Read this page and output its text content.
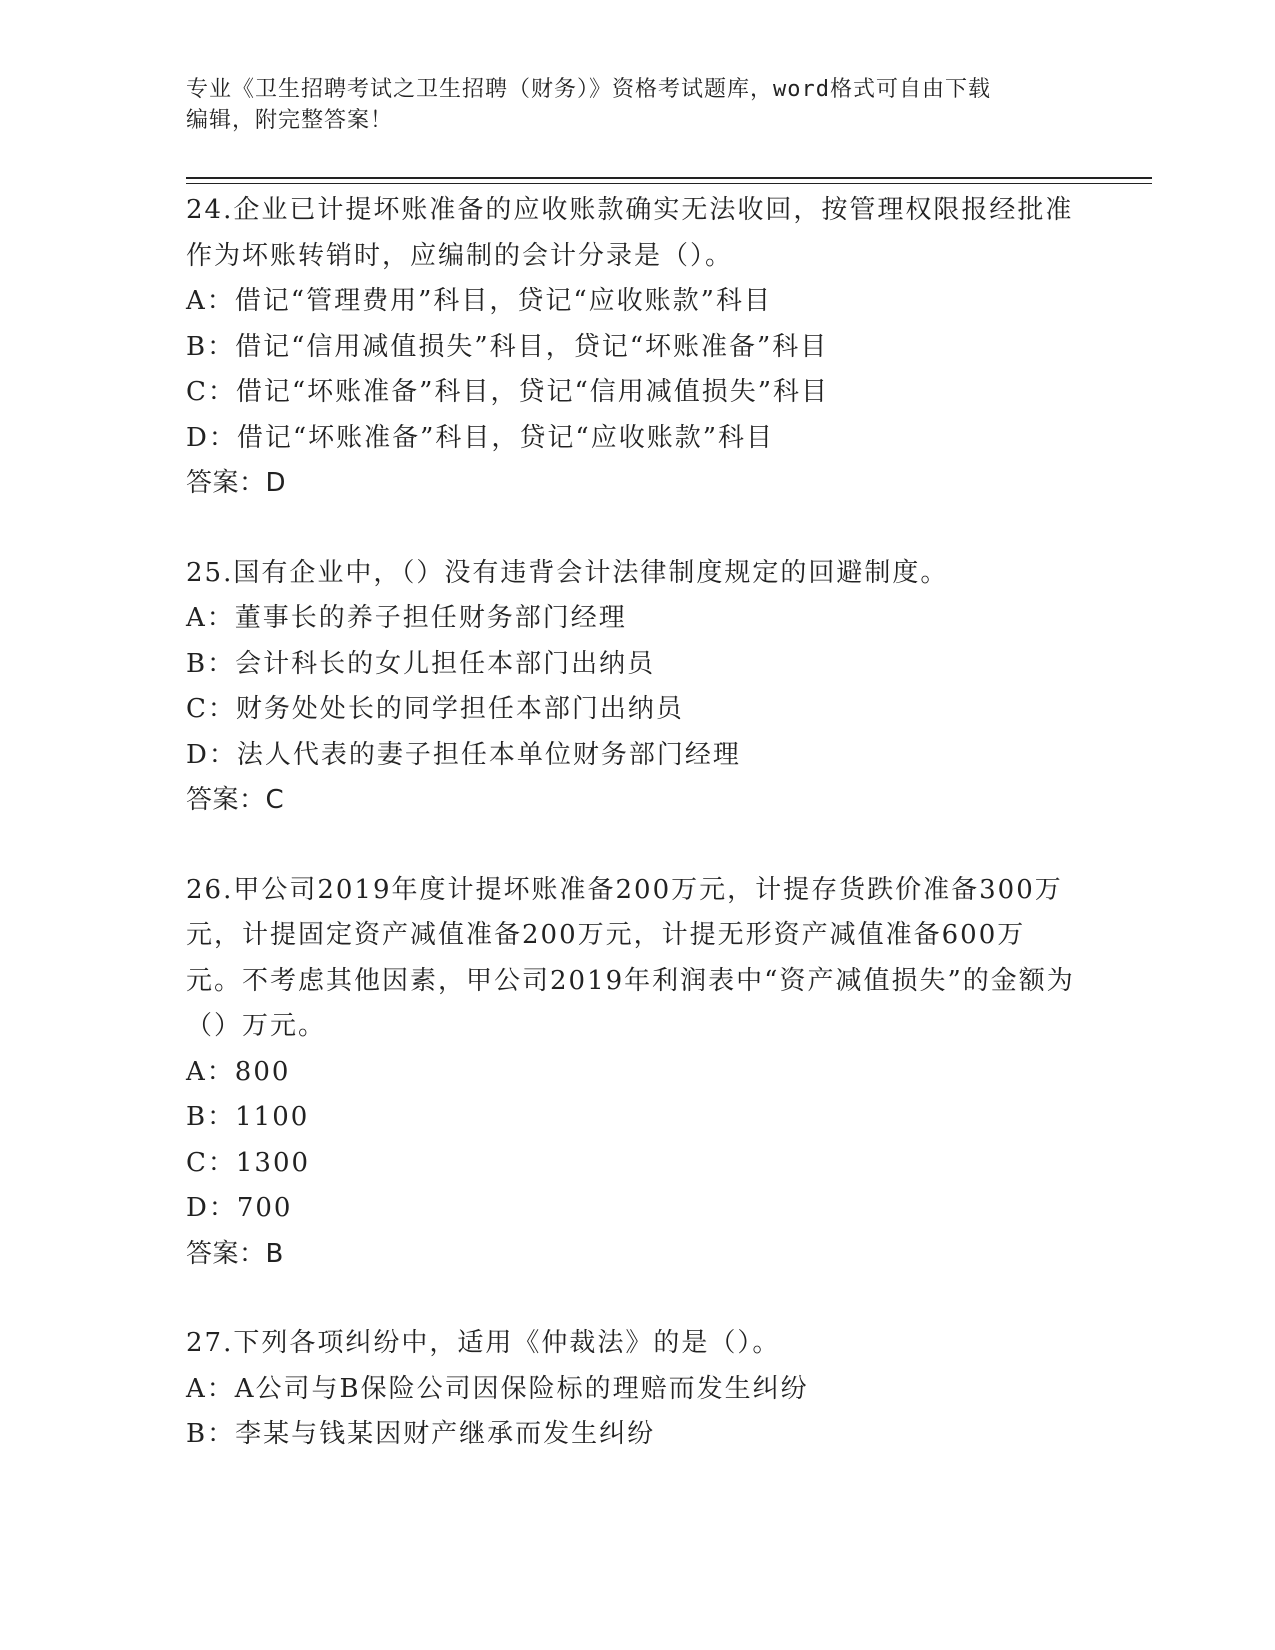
专业《卫生招聘考试之卫生招聘（财务）》资格考试题库，word格式可自由下载
编辑，附完整答案！
24.企业已计提坏账准备的应收账款确实无法收回，按管理权限报经批准作为坏账转销时，应编制的会计分录是（）。
A：借记“管理费用”科目，贷记“应收账款”科目
B：借记“信用减值损失”科目，贷记“坏账准备”科目
C：借记“坏账准备”科目，贷记“信用减值损失”科目
D：借记“坏账准备”科目，贷记“应收账款”科目
答案：D
25.国有企业中，（）没有违背会计法律制度规定的回避制度。
A：董事长的养子担任财务部门经理
B：会计科长的女儿担任本部门出纳员
C：财务处处长的同学担任本部门出纳员
D：法人代表的妻子担任本单位财务部门经理
答案：C
26.甲公司2019年度计提坏账准备200万元，计提存货跌价准备300万元，计提固定资产减值准备200万元，计提无形资产减值准备600万元。不考虑其他因素，甲公司2019年利润表中“资产减值损失”的金额为（）万元。
A：800
B：1100
C：1300
D：700
答案：B
27.下列各项纠纷中，适用《仲裁法》的是（）。
A：A公司与B保险公司因保险标的理赔而发生纠纷
B：李某与钱某因财产继承而发生纠纷
